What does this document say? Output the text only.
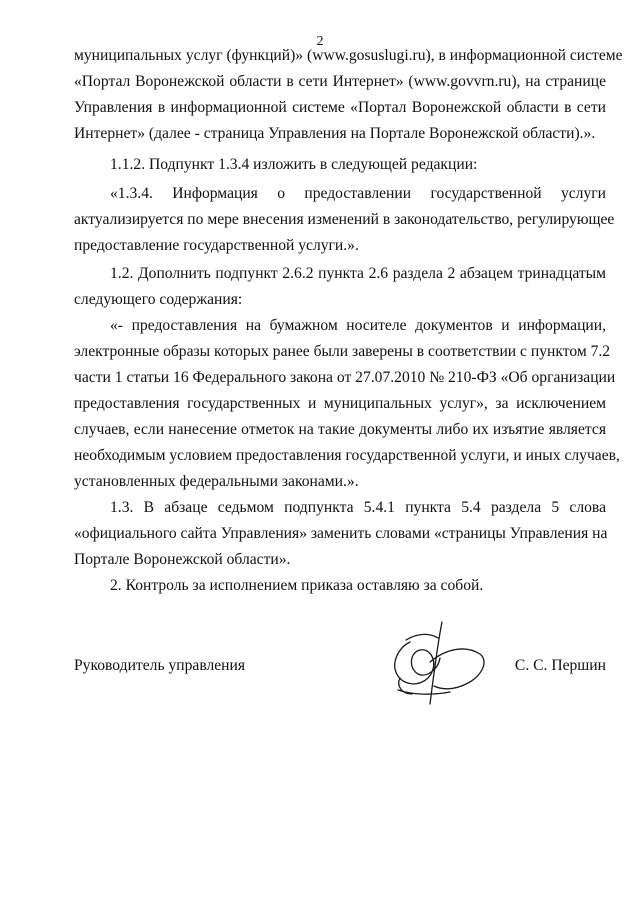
2
муниципальных услуг (функций)» (www.gosuslugi.ru), в информационной системе
«Портал Воронежской области в сети Интернет» (www.govvrn.ru), на странице
Управления в информационной системе «Портал Воронежской области в сети
Интернет» (далее - страница Управления на Портале Воронежской области).».
1.1.2. Подпункт 1.3.4 изложить в следующей редакции:
«1.3.4. Информация о предоставлении государственной услуги
актуализируется по мере внесения изменений в законодательство, регулирующее
предоставление государственной услуги.».
1.2. Дополнить подпункт 2.6.2 пункта 2.6 раздела 2 абзацем тринадцатым
следующего содержания:
«- предоставления на бумажном носителе документов и информации,
электронные образы которых ранее были заверены в соответствии с пунктом 7.2
части 1 статьи 16 Федерального закона от 27.07.2010 № 210-ФЗ «Об организации
предоставления государственных и муниципальных услуг», за исключением
случаев, если нанесение отметок на такие документы либо их изъятие является
необходимым условием предоставления государственной услуги, и иных случаев,
установленных федеральными законами.».
1.3. В абзаце седьмом подпункта 5.4.1 пункта 5.4 раздела 5 слова
«официального сайта Управления» заменить словами «страницы Управления на
Портале Воронежской области».
2. Контроль за исполнением приказа оставляю за собой.
Руководитель управления	С. С. Першин
